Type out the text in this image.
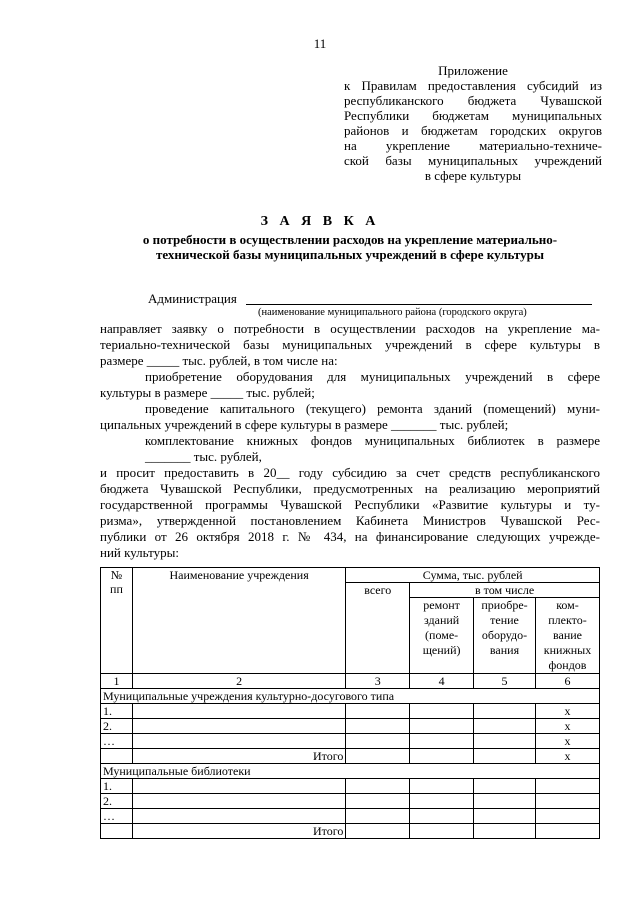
11
Приложение
к Правилам предоставления субсидий из
республиканского бюджета Чувашской
Республики бюджетам муниципальных
районов и бюджетам городских округов
на укрепление материально-техниче-
ской базы муниципальных учреждений
в сфере культуры
З А Я В К А
о потребности в осуществлении расходов на укрепление материально-
технической базы муниципальных учреждений в сфере культуры
Администрация
(наименование муниципального района (городского округа)
направляет заявку о потребности в осуществлении расходов на укрепление ма-
териально-технической базы муниципальных учреждений в сфере культуры в
размере _____ тыс. рублей, в том числе на:
приобретение оборудования для муниципальных учреждений в сфере
культуры в размере _____ тыс. рублей;
проведение капитального (текущего) ремонта зданий (помещений) муни-
ципальных учреждений в сфере культуры в размере _______ тыс. рублей;
комплектование книжных фондов муниципальных библиотек в размере
_______ тыс. рублей,
и просит предоставить в 20__ году субсидию за счет средств республиканского
бюджета Чувашской Республики, предусмотренных на реализацию мероприятий
государственной программы Чувашской Республики «Развитие культуры и ту-
ризма», утвержденной постановлением Кабинета Министров Чувашской Рес-
публики от 26 октября 2018 г. № 434, на финансирование следующих учрежде-
ний культуры:
№ пп	Наименование учреждения	Сумма, тыс. рублей			
		всего	в том числе		
			ремонт зданий (поме-щений)	приобре-тение оборудо-вания	ком-плекто-вание книжных фондов
1	2	3	4	5	6
Муниципальные учреждения культурно-досугового типа					
1.					х
2.					х
…					х
	Итого				х
Муниципальные библиотеки					
1.					
2.					
…					
	Итого				
